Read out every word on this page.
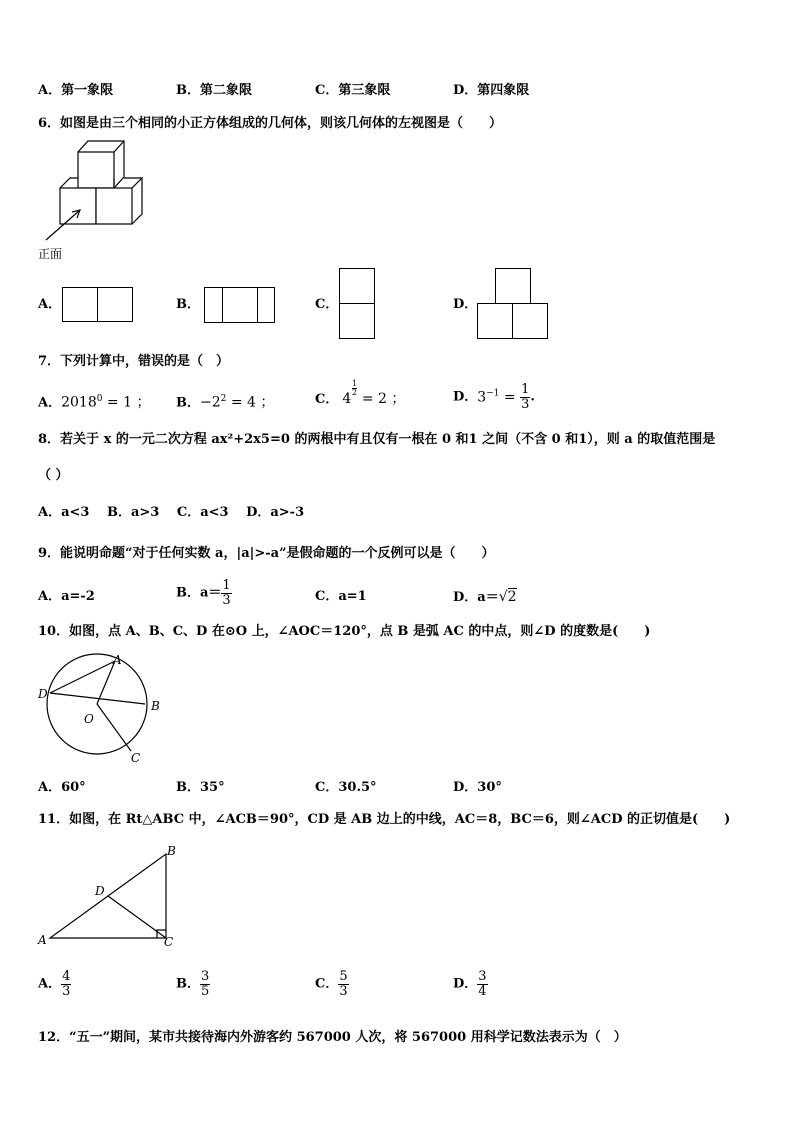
A．第一象限	B．第二象限	C．第三象限	D．第四象限
6．如图是由三个相同的小正方体组成的几何体，则该几何体的左视图是（　　）
正面
A．	B．	C．	D．
7．下列计算中，错误的是（　）
A．$2018^0 = 1$ ； B．$-2^2 = 4$ ；	C． 4
1
2 = 2 ；	D．$3^{-1} = \frac{1}{3}$ .
8．若关于 x 的一元二次方程 ax²+2x5=0 的两根中有且仅有一根在 0 和1 之间（不含 0 和1），则 a 的取值范围是
（ ）
A．a<3　 B．a>3　 C．a<3　 D．a>-3
9．能说明命题“对于任何实数 a，|a|>-a”是假命题的一个反例可以是（　　）
A．a=-2	B．$a= \frac{1}{3}$	C．a=1	D．a＝√2
10．如图，点 A、B、C、D 在⊙O 上，∠AOC＝120°，点 B 是弧 AC 的中点，则∠D 的度数是(　　)
A
D
B
O
C
A．60°	B．35°	C．30.5°	D．30°
11．如图，在 Rt△ABC 中，∠ACB＝90°，CD 是 AB 边上的中线，AC＝8，BC＝6，则∠ACD 的正切值是(　　)
B
D
A	C
A． $\frac{4}{3}$	B． $\frac{3}{5}$	C． $\frac{5}{3}$	D． $\frac{3}{4}$
12．“五一”期间，某市共接待海内外游客约 567000 人次，将 567000 用科学记数法表示为（　）
